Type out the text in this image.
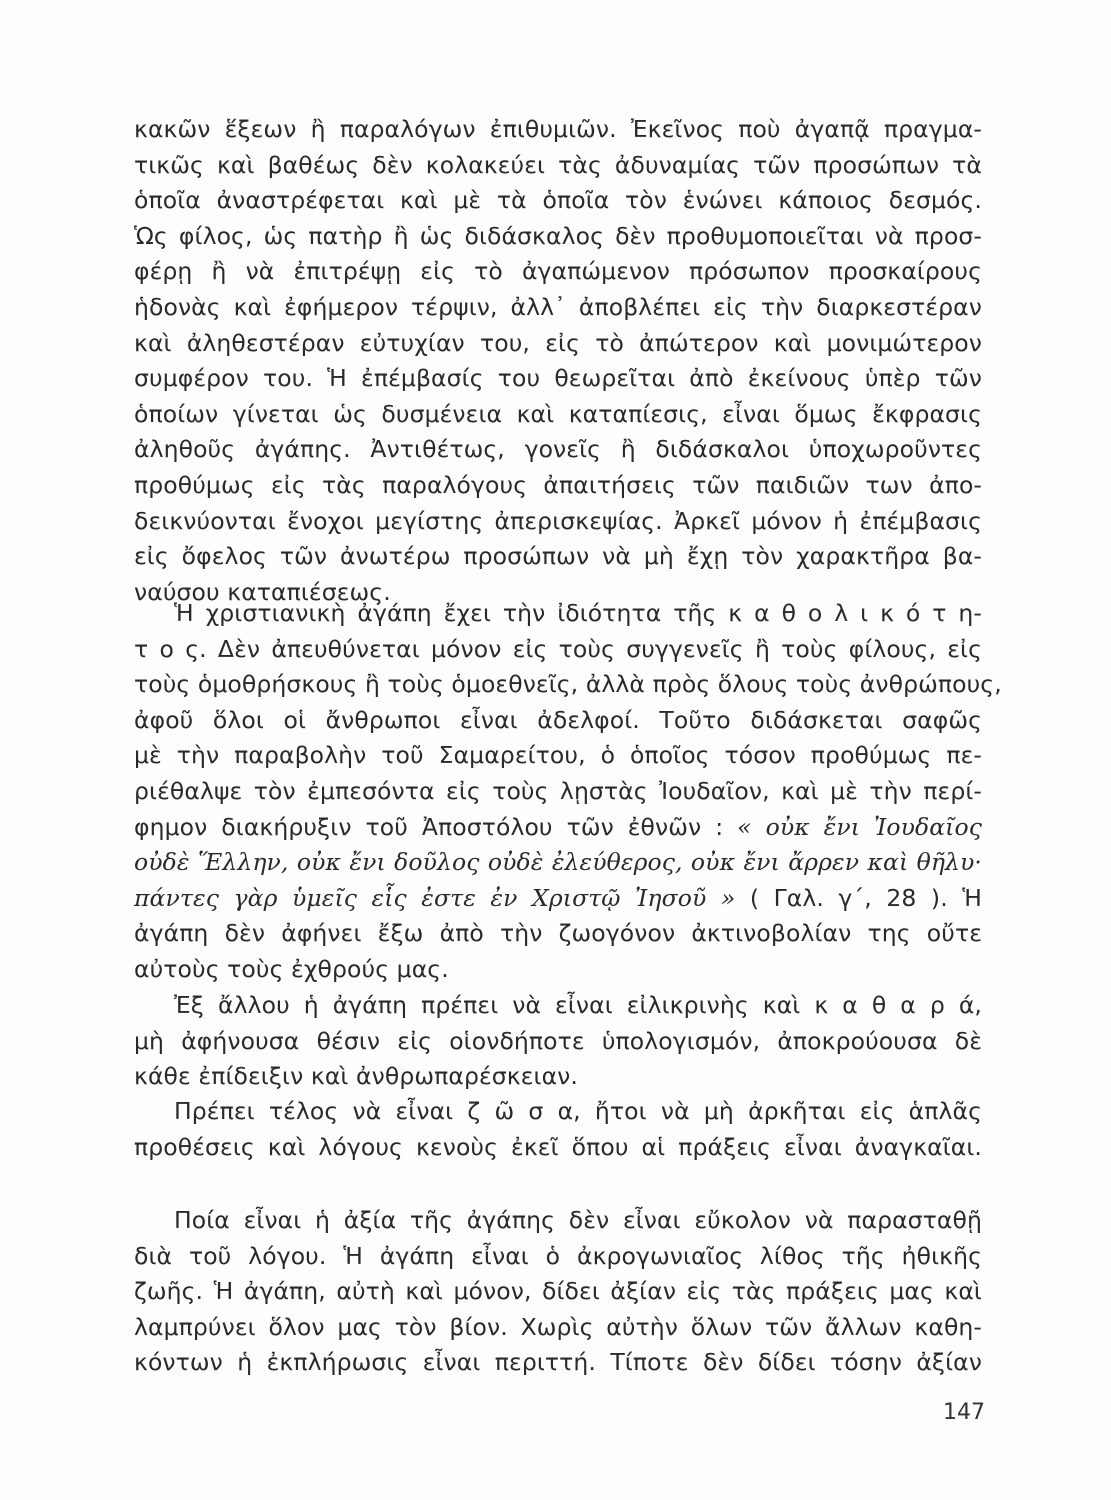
κακῶν ἕξεων ἢ παραλόγων ἐπιθυμιῶν. Ἐκεῖνος ποὺ ἀγαπᾷ πραγμα-
τικῶς καὶ βαθέως δὲν κολακεύει τὰς ἀδυναμίας τῶν προσώπων τὰ
ὁποῖα ἀναστρέφεται καὶ μὲ τὰ ὁποῖα τὸν ἑνώνει κάποιος δεσμός.
Ὡς φίλος, ὡς πατὴρ ἢ ὡς διδάσκαλος δὲν προθυμοποιεῖται νὰ προσ-
φέρῃ ἢ νὰ ἐπιτρέψῃ εἰς τὸ ἀγαπώμενον πρόσωπον προσκαίρους
ἡδονὰς καὶ ἐφήμερον τέρψιν, ἀλλ᾿ ἀποβλέπει εἰς τὴν διαρκεστέραν
καὶ ἀληθεστέραν εὐτυχίαν του, εἰς τὸ ἀπώτερον καὶ μονιμώτερον
συμφέρον του. Ἡ ἐπέμβασίς του θεωρεῖται ἀπὸ ἐκείνους ὑπὲρ τῶν
ὁποίων γίνεται ὡς δυσμένεια καὶ καταπίεσις, εἶναι ὅμως ἔκφρασις
ἀληθοῦς ἀγάπης. Ἀντιθέτως, γονεῖς ἢ διδάσκαλοι ὑποχωροῦντες
προθύμως εἰς τὰς παραλόγους ἀπαιτήσεις τῶν παιδιῶν των ἀπο-
δεικνύονται ἔνοχοι μεγίστης ἀπερισκεψίας. Ἀρκεῖ μόνον ἡ ἐπέμβασις
εἰς ὄφελος τῶν ἀνωτέρω προσώπων νὰ μὴ ἔχῃ τὸν χαρακτῆρα βα-
ναύσου καταπιέσεως.
Ἡ χριστιανικὴ ἀγάπη ἔχει τὴν ἰδιότητα τῆς κ α θ ο λ ι κ ό τ η-
τ ο ς. Δὲν ἀπευθύνεται μόνον εἰς τοὺς συγγενεῖς ἢ τοὺς φίλους, εἰς
τοὺς ὁμοθρήσκους ἢ τοὺς ὁμοεθνεῖς, ἀλλὰ πρὸς ὅλους τοὺς ἀνθρώπους,
ἀφοῦ ὅλοι οἱ ἄνθρωποι εἶναι ἀδελφοί. Τοῦτο διδάσκεται σαφῶς
μὲ τὴν παραβολὴν τοῦ Σαμαρείτου, ὁ ὁποῖος τόσον προθύμως πε-
ριέθαλψε τὸν ἐμπεσόντα εἰς τοὺς λῃστὰς Ἰουδαῖον, καὶ μὲ τὴν περί-
φημον διακήρυξιν τοῦ Ἀποστόλου τῶν ἐθνῶν : « οὐκ ἔνι Ἰουδαῖος
οὐδὲ Ἕλλην, οὐκ ἔνι δοῦλος οὐδὲ ἐλεύθερος, οὐκ ἔνι ἄρρεν καὶ θῆλυ·
πάντες γὰρ ὑμεῖς εἷς ἐστε ἐν Χριστῷ Ἰησοῦ » ( Γαλ. γ΄, 28 ). Ἡ
ἀγάπη δὲν ἀφήνει ἔξω ἀπὸ τὴν ζωογόνον ἀκτινοβολίαν της οὔτε
αὐτοὺς τοὺς ἐχθρούς μας.
Ἐξ ἄλλου ἡ ἀγάπη πρέπει νὰ εἶναι εἰλικρινὴς καὶ κ α θ α ρ ά,
μὴ ἀφήνουσα θέσιν εἰς οἱονδήποτε ὑπολογισμόν, ἀποκρούουσα δὲ
κάθε ἐπίδειξιν καὶ ἀνθρωπαρέσκειαν.
Πρέπει τέλος νὰ εἶναι ζ ῶ σ α, ἤτοι νὰ μὴ ἀρκῆται εἰς ἁπλᾶς
προθέσεις καὶ λόγους κενοὺς ἐκεῖ ὅπου αἱ πράξεις εἶναι ἀναγκαῖαι.
Ποία εἶναι ἡ ἀξία τῆς ἀγάπης δὲν εἶναι εὔκολον νὰ παρασταθῇ
διὰ τοῦ λόγου. Ἡ ἀγάπη εἶναι ὁ ἀκρογωνιαῖος λίθος τῆς ἠθικῆς
ζωῆς. Ἡ ἀγάπη, αὐτὴ καὶ μόνον, δίδει ἀξίαν εἰς τὰς πράξεις μας καὶ
λαμπρύνει ὅλον μας τὸν βίον. Χωρὶς αὐτὴν ὅλων τῶν ἄλλων καθη-
κόντων ἡ ἐκπλήρωσις εἶναι περιττή. Τίποτε δὲν δίδει τόσην ἀξίαν
147
